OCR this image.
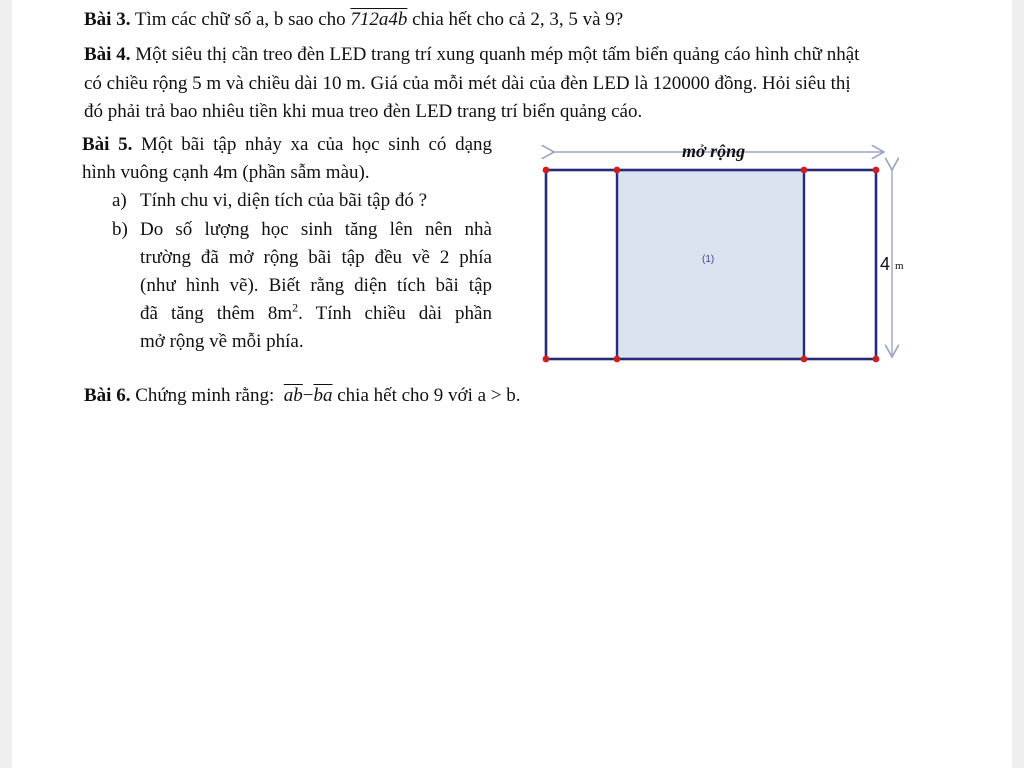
Bài 3. Tìm các chữ số a, b sao cho 712a4b chia hết cho cả 2, 3, 5 và 9?
Bài 4. Một siêu thị cần treo đèn LED trang trí xung quanh mép một tấm biển quảng cáo hình chữ nhật
có chiều rộng 5 m và chiều dài 10 m. Giá của mỗi mét dài của đèn LED là 120000 đồng. Hỏi siêu thị
đó phải trả bao nhiêu tiền khi mua treo đèn LED trang trí biển quảng cáo.
Bài 5. Một bãi tập nhảy xa của học sinh có dạng
hình vuông cạnh 4m (phần sẫm màu).
a) Tính chu vi, diện tích của bãi tập đó ?
b) Do số lượng học sinh tăng lên nên nhà
trường đã mở rộng bãi tập đều về 2 phía
(như hình vẽ). Biết rằng diện tích bãi tập
đã tăng thêm $8m^2$. Tính chiều dài phần
mở rộng về mỗi phía.
mở rộng
(1)	4 m
Bài 6. Chứng minh rằng: $\overline{ab}-\overline{ba}$ chia hết cho 9 với a > b.
